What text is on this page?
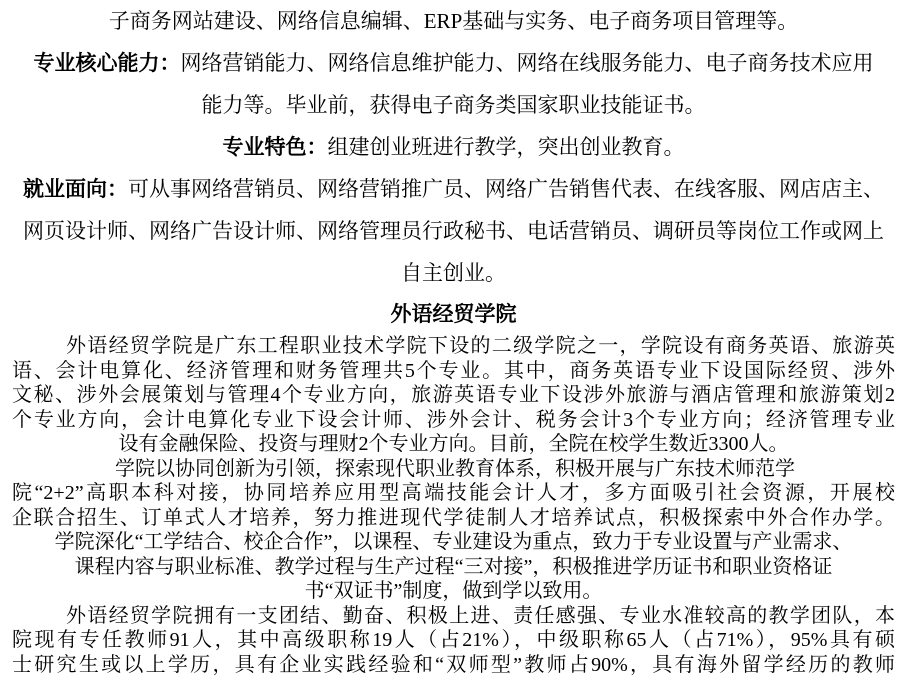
子商务网站建设、网络信息编辑、ERP基础与实务、电子商务项目管理等。
专业核心能力：网络营销能力、网络信息维护能力、网络在线服务能力、电子商务技术应用
能力等。毕业前，获得电子商务类国家职业技能证书。
专业特色：组建创业班进行教学，突出创业教育。
就业面向：可从事网络营销员、网络营销推广员、网络广告销售代表、在线客服、网店店主、
网页设计师、网络广告设计师、网络管理员行政秘书、电话营销员、调研员等岗位工作或网上
自主创业。
外语经贸学院
外语经贸学院是广东工程职业技术学院下设的二级学院之一，学院设有商务英语、旅游英
语、会计电算化、经济管理和财务管理共5个专业。其中，商务英语专业下设国际经贸、涉外
文秘、涉外会展策划与管理4个专业方向，旅游英语专业下设涉外旅游与酒店管理和旅游策划2
个专业方向，会计电算化专业下设会计师、涉外会计、税务会计3个专业方向；经济管理专业
设有金融保险、投资与理财2个专业方向。目前，全院在校学生数近3300人。
学院以协同创新为引领，探索现代职业教育体系，积极开展与广东技术师范学
院“2+2”高职本科对接，协同培养应用型高端技能会计人才，多方面吸引社会资源，开展校
企联合招生、订单式人才培养，努力推进现代学徒制人才培养试点，积极探索中外合作办学。
学院深化“工学结合、校企合作”，以课程、专业建设为重点，致力于专业设置与产业需求、
课程内容与职业标准、教学过程与生产过程“三对接”，积极推进学历证书和职业资格证
书“双证书”制度，做到学以致用。
外语经贸学院拥有一支团结、勤奋、积极上进、责任感强、专业水准较高的教学团队，本
院现有专任教师91人，其中高级职称19人（占21%），中级职称65人（占71%），95%具有硕
士研究生或以上学历，具有企业实践经验和“双师型”教师占90%，具有海外留学经历的教师
